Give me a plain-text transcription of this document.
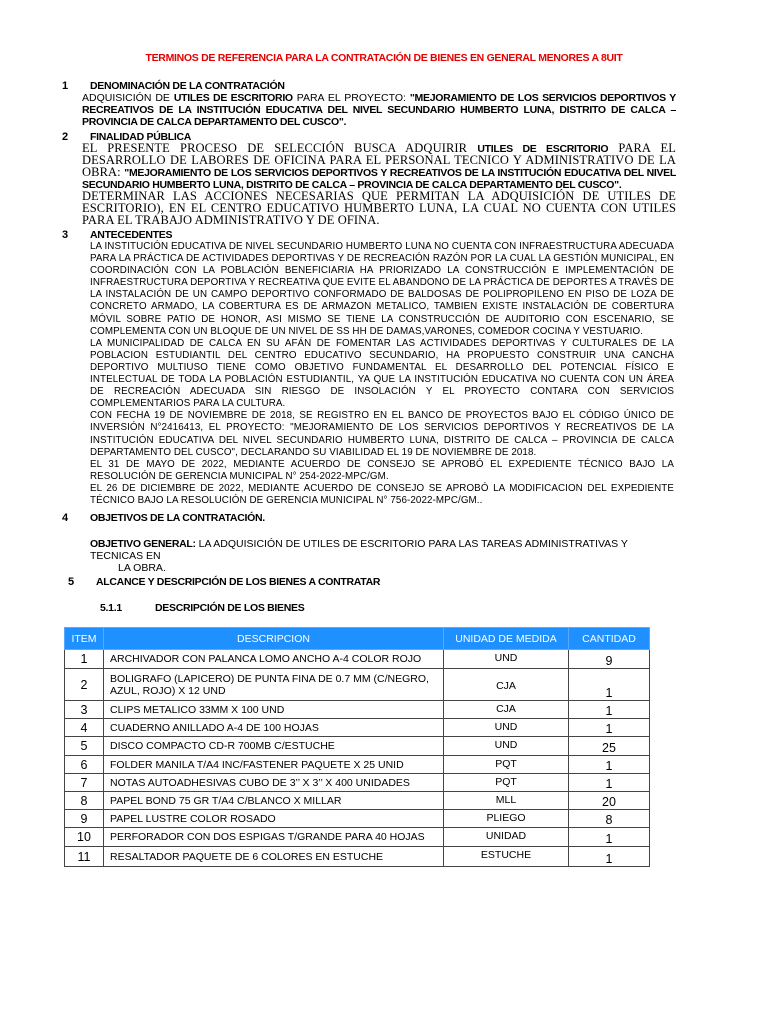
TERMINOS DE REFERENCIA PARA LA CONTRATACIÓN DE BIENES EN GENERAL MENORES A 8UIT
1 DENOMINACIÓN DE LA CONTRATACIÓN
ADQUISICIÓN DE UTILES DE ESCRITORIO PARA EL PROYECTO: "MEJORAMIENTO DE LOS SERVICIOS DEPORTIVOS Y RECREATIVOS DE LA INSTITUCIÓN EDUCATIVA DEL NIVEL SECUNDARIO HUMBERTO LUNA, DISTRITO DE CALCA – PROVINCIA DE CALCA DEPARTAMENTO DEL CUSCO".
2 FINALIDAD PÚBLICA
EL PRESENTE PROCESO DE SELECCIÓN BUSCA ADQUIRIR UTILES DE ESCRITORIO PARA EL DESARROLLO DE LABORES DE OFICINA PARA EL PERSONAL TECNICO Y ADMINISTRATIVO DE LA OBRA: "MEJORAMIENTO DE LOS SERVICIOS DEPORTIVOS Y RECREATIVOS DE LA INSTITUCIÓN EDUCATIVA DEL NIVEL SECUNDARIO HUMBERTO LUNA, DISTRITO DE CALCA – PROVINCIA DE CALCA DEPARTAMENTO DEL CUSCO".
DETERMINAR LAS ACCIONES NECESARIAS QUE PERMITAN LA ADQUISICIÓN DE UTILES DE ESCRITORIO), EN EL CENTRO EDUCATIVO HUMBERTO LUNA, LA CUAL NO CUENTA CON UTILES PARA EL TRABAJO ADMINISTRATIVO Y DE OFINA.
3 ANTECEDENTES

LA INSTITUCIÓN EDUCATIVA DE NIVEL SECUNDARIO HUMBERTO LUNA NO CUENTA CON INFRAESTRUCTURA ADECUADA PARA LA PRÁCTICA DE ACTIVIDADES DEPORTIVAS Y DE RECREACIÓN RAZÓN POR LA CUAL LA GESTIÓN MUNICIPAL, EN COORDINACIÓN CON LA POBLACIÓN BENEFICIARIA HA PRIORIZADO LA CONSTRUCCIÓN E IMPLEMENTACIÓN DE INFRAESTRUCTURA DEPORTIVA Y RECREATIVA QUE EVITE EL ABANDONO DE LA PRÁCTICA DE DEPORTES A TRAVÉS DE LA INSTALACIÓN DE UN CAMPO DEPORTIVO CONFORMADO DE BALDOSAS DE POLIPROPILENO EN PISO DE LOZA DE CONCRETO ARMADO, LA COBERTURA ES DE ARMAZON METALICO, TAMBIEN EXISTE INSTALACIÓN DE COBERTURA MÓVIL SOBRE PATIO DE HONOR, ASI MISMO SE TIENE LA CONSTRUCCIÓN DE AUDITORIO CON ESCENARIO, SE COMPLEMENTA CON UN BLOQUE DE UN NIVEL DE SS HH DE DAMAS,VARONES, COMEDOR COCINA Y VESTUARIO.

LA MUNICIPALIDAD DE CALCA EN SU AFÁN DE FOMENTAR LAS ACTIVIDADES DEPORTIVAS Y CULTURALES DE LA POBLACION ESTUDIANTIL DEL CENTRO EDUCATIVO SECUNDARIO, HA PROPUESTO CONSTRUIR UNA CANCHA DEPORTIVO MULTIUSO TIENE COMO OBJETIVO FUNDAMENTAL EL DESARROLLO DEL POTENCIAL FÍSICO E INTELECTUAL DE TODA LA POBLACIÓN ESTUDIANTIL, YA QUE LA INSTITUCIÓN EDUCATIVA NO CUENTA CON UN ÁREA DE RECREACIÓN ADECUADA SIN RIESGO DE INSOLACIÓN Y EL PROYECTO CONTARA CON SERVICIOS COMPLEMENTARIOS PARA LA CULTURA.

CON FECHA 19 DE NOVIEMBRE DE 2018, SE REGISTRO EN EL BANCO DE PROYECTOS BAJO EL CÓDIGO ÚNICO DE INVERSIÓN N°2416413, EL PROYECTO: "MEJORAMIENTO DE LOS SERVICIOS DEPORTIVOS Y RECREATIVOS DE LA INSTITUCIÓN EDUCATIVA DEL NIVEL SECUNDARIO HUMBERTO LUNA, DISTRITO DE CALCA – PROVINCIA DE CALCA DEPARTAMENTO DEL CUSCO", DECLARANDO SU VIABILIDAD EL 19 DE NOVIEMBRE DE 2018.

EL 31 DE MAYO DE 2022, MEDIANTE ACUERDO DE CONSEJO SE APROBÓ EL EXPEDIENTE TÉCNICO BAJO LA RESOLUCIÓN DE GERENCIA MUNICIPAL N° 254-2022-MPC/GM.

EL 26 DE DICIEMBRE DE 2022, MEDIANTE ACUERDO DE CONSEJO SE APROBÓ LA MODIFICACION DEL EXPEDIENTE TÉCNICO BAJO LA RESOLUCIÓN DE GERENCIA MUNICIPAL N° 756-2022-MPC/GM..

4 OBJETIVOS DE LA CONTRATACIÓN.
OBJETIVO GENERAL: LA ADQUISICIÓN DE UTILES DE ESCRITORIO PARA LAS TAREAS ADMINISTRATIVAS Y TECNICAS EN
LA OBRA.
5 ALCANCE Y DESCRIPCIÓN DE LOS BIENES A CONTRATAR
5.1.1	DESCRIPCIÓN DE LOS BIENES
ITEM	DESCRIPCION	UNIDAD DE MEDIDA	CANTIDAD
1	ARCHIVADOR CON PALANCA LOMO ANCHO A-4 COLOR ROJO	UND	9
2	BOLIGRAFO (LAPICERO) DE PUNTA FINA DE 0.7 MM (C/NEGRO, AZUL, ROJO) X 12 UND	CJA	1
3	CLIPS METALICO 33MM X 100 UND	CJA	1
4	CUADERNO ANILLADO A-4 DE 100 HOJAS	UND	1
5	DISCO COMPACTO CD-R 700MB C/ESTUCHE	UND	25
6	FOLDER MANILA T/A4 INC/FASTENER PAQUETE X 25 UNID	PQT	1
7	NOTAS AUTOADHESIVAS CUBO DE 3’’ X 3’’ X 400 UNIDADES	PQT	1
8	PAPEL BOND 75 GR T/A4 C/BLANCO X MILLAR	MLL	20
9	PAPEL LUSTRE COLOR ROSADO	PLIEGO	8
10	PERFORADOR CON DOS ESPIGAS T/GRANDE PARA 40 HOJAS	UNIDAD	1
11	RESALTADOR PAQUETE DE 6 COLORES EN ESTUCHE	ESTUCHE	1
